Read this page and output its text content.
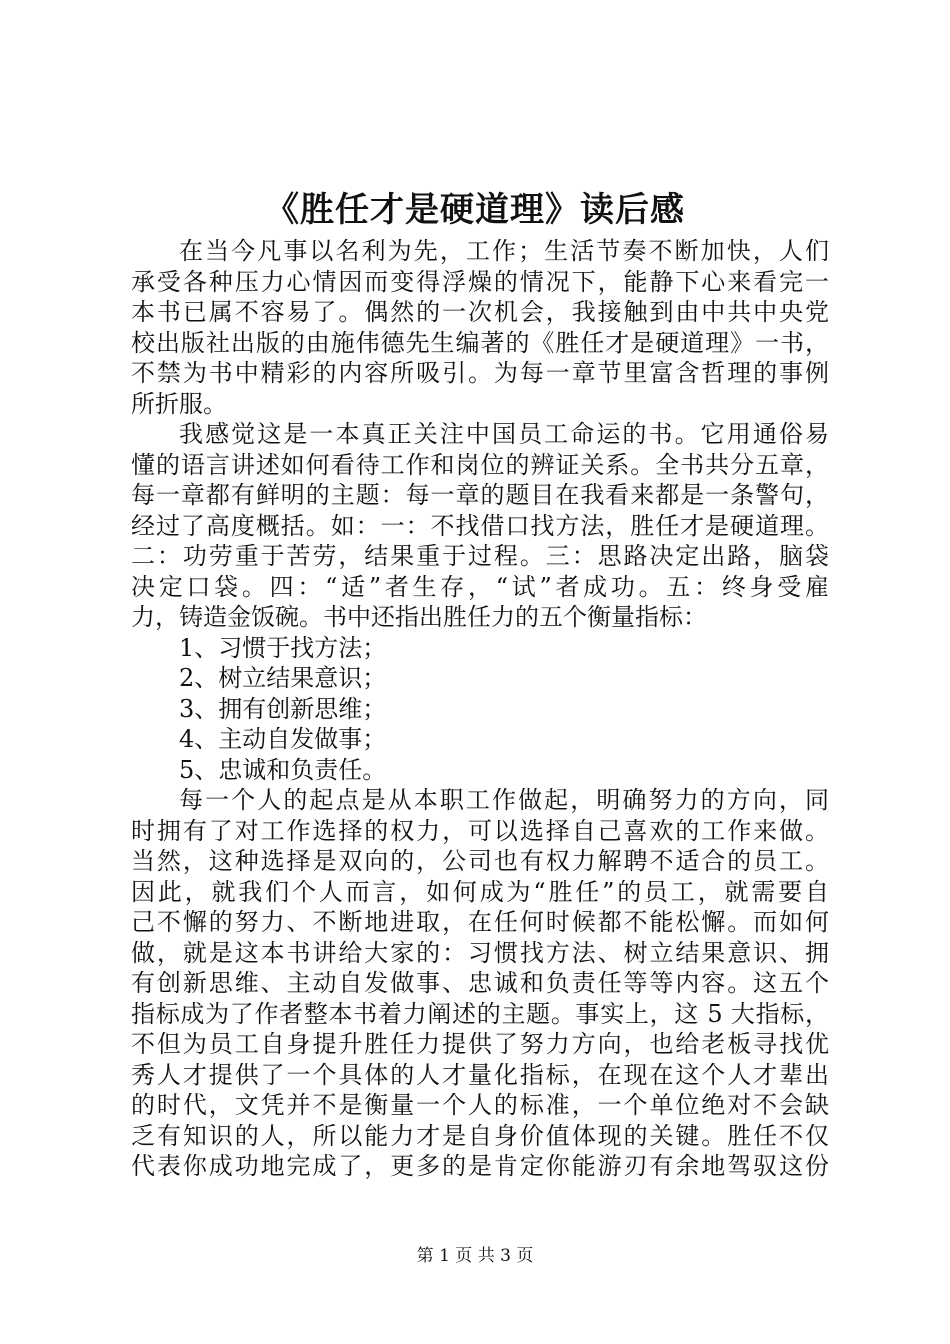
《胜任才是硬道理》读后感
在当今凡事以名利为先，工作；生活节奏不断加快，人们
承受各种压力心情因而变得浮燥的情况下，能静下心来看完一
本书已属不容易了。偶然的一次机会，我接触到由中共中央党
校出版社出版的由施伟德先生编著的《胜任才是硬道理》一书，
不禁为书中精彩的内容所吸引。为每一章节里富含哲理的事例
所折服。
我感觉这是一本真正关注中国员工命运的书。它用通俗易
懂的语言讲述如何看待工作和岗位的辨证关系。全书共分五章，
每一章都有鲜明的主题：每一章的题目在我看来都是一条警句，
经过了高度概括。如：一：不找借口找方法，胜任才是硬道理。
二：功劳重于苦劳，结果重于过程。三：思路决定出路，脑袋
决定口袋。四：“适”者生存，“试”者成功。五：终身受雇
力，铸造金饭碗。书中还指出胜任力的五个衡量指标：
1、习惯于找方法；
2、树立结果意识；
3、拥有创新思维；
4、主动自发做事；
5、忠诚和负责任。
每一个人的起点是从本职工作做起，明确努力的方向，同
时拥有了对工作选择的权力，可以选择自己喜欢的工作来做。
当然，这种选择是双向的，公司也有权力解聘不适合的员工。
因此，就我们个人而言，如何成为“胜任”的员工，就需要自
己不懈的努力、不断地进取，在任何时候都不能松懈。而如何
做，就是这本书讲给大家的：习惯找方法、树立结果意识、拥
有创新思维、主动自发做事、忠诚和负责任等等内容。这五个
指标成为了作者整本书着力阐述的主题。事实上，这 5 大指标，
不但为员工自身提升胜任力提供了努力方向，也给老板寻找优
秀人才提供了一个具体的人才量化指标，在现在这个人才辈出
的时代，文凭并不是衡量一个人的标准，一个单位绝对不会缺
乏有知识的人，所以能力才是自身价值体现的关键。胜任不仅
代表你成功地完成了，更多的是肯定你能游刃有余地驾驭这份
第 1 页 共 3 页
